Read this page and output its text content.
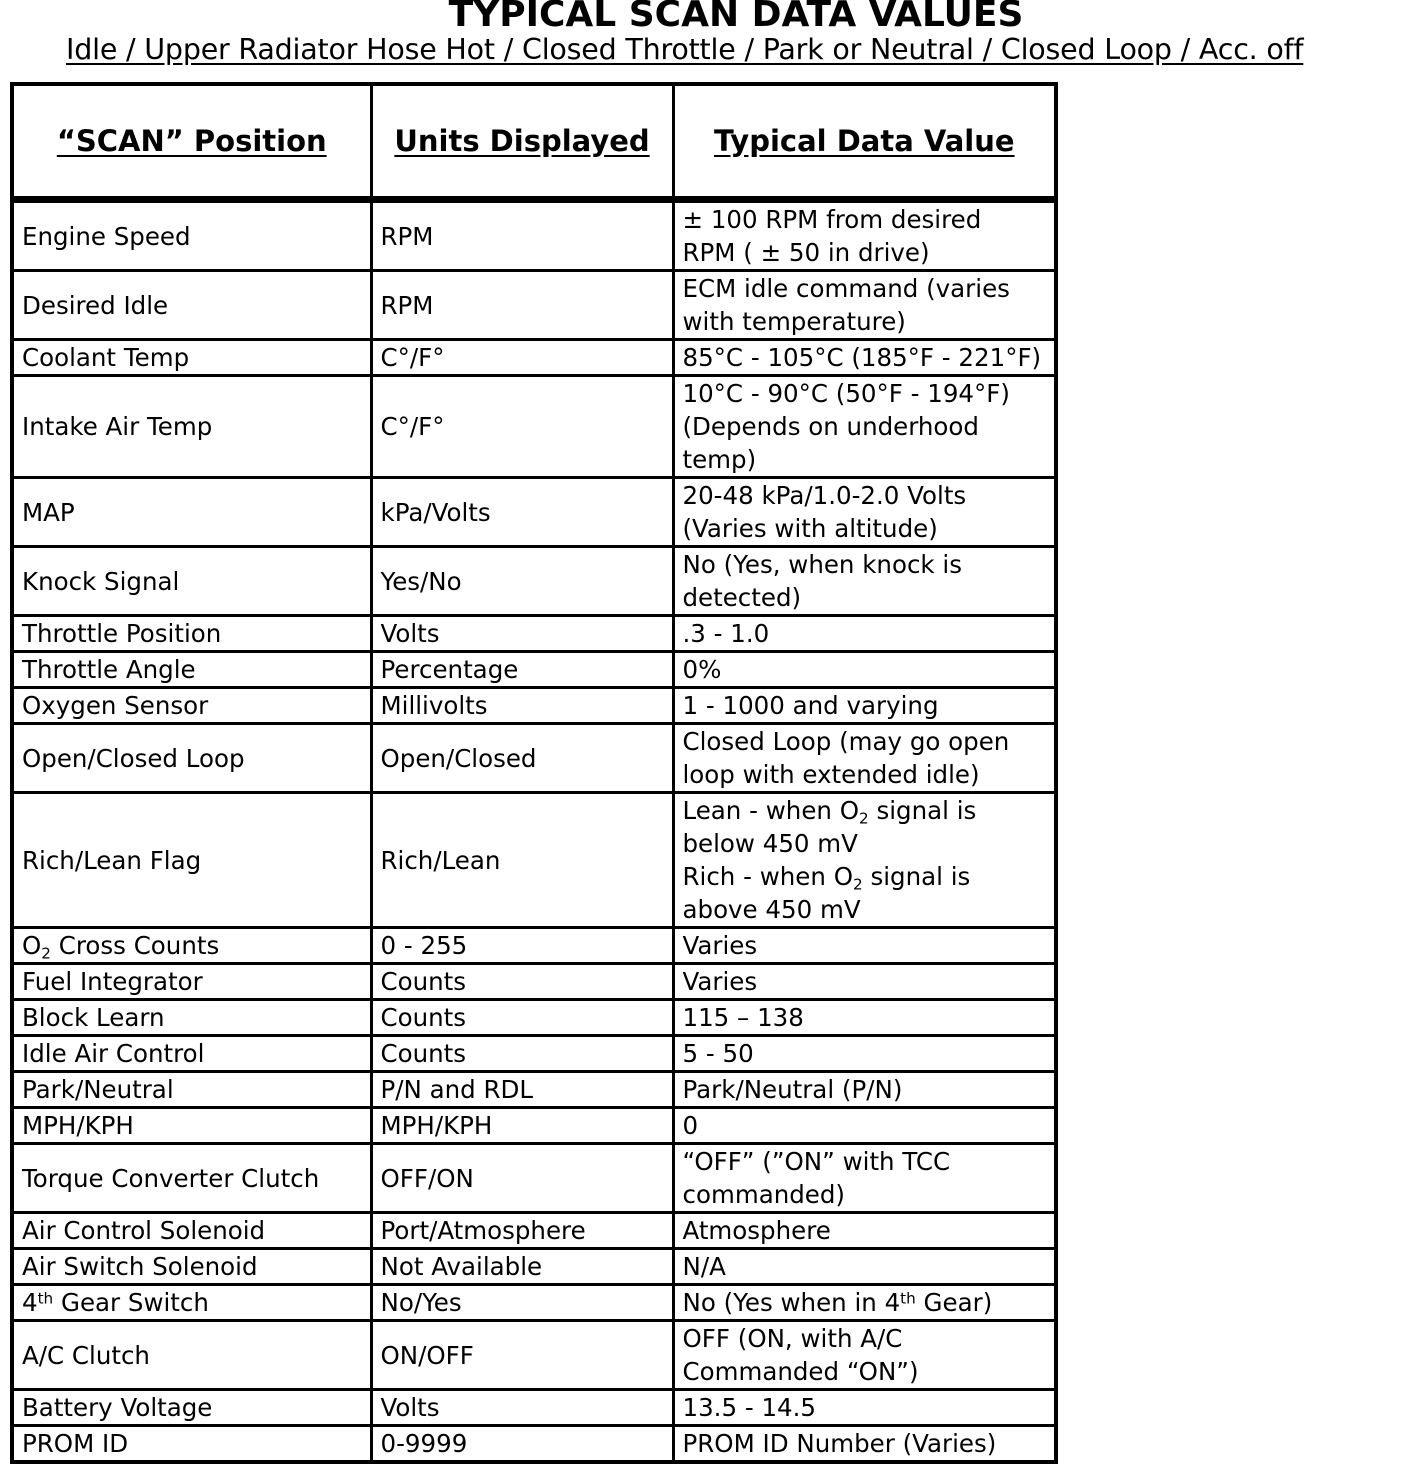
TYPICAL SCAN DATA VALUES
Idle / Upper Radiator Hose Hot / Closed Throttle / Park or Neutral / Closed Loop / Acc. off
“SCAN” Position	Units Displayed	Typical Data Value
Engine Speed	RPM	± 100 RPM from desired
RPM ( ± 50 in drive)

Desired Idle	RPM	ECM idle command (varies
with temperature)

Coolant Temp	C°/F°	85°C - 105°C (185°F - 221°F)

Intake Air Temp	C°/F°	10°C - 90°C (50°F - 194°F)
(Depends on underhood
temp)

MAP	kPa/Volts	20-48 kPa/1.0-2.0 Volts
(Varies with altitude)

Knock Signal	Yes/No	No (Yes, when knock is
detected)

Throttle Position	Volts	.3 - 1.0

Throttle Angle	Percentage	0%

Oxygen Sensor	Millivolts	1 - 1000 and varying

Open/Closed Loop	Open/Closed	Closed Loop (may go open
loop with extended idle)

Rich/Lean Flag	Rich/Lean	Lean - when $O_2$ signal is
below 450 mV
Rich - when $O_2$ signal is
above 450 mV

$O_2$ Cross Counts	0 - 255	Varies

Fuel Integrator	Counts	Varies

Block Learn	Counts	115 – 138

Idle Air Control	Counts	5 - 50

Park/Neutral	P/N and RDL	Park/Neutral (P/N)

MPH/KPH	MPH/KPH	0

Torque Converter Clutch	OFF/ON	“OFF” (”ON” with TCC
commanded)

Air Control Solenoid	Port/Atmosphere	Atmosphere

Air Switch Solenoid	Not Available	N/A

4th Gear Switch	No/Yes	No (Yes when in 4th Gear)

A/C Clutch	ON/OFF	OFF (ON, with A/C
Commanded “ON”)

Battery Voltage	Volts	13.5 - 14.5

PROM ID	0-9999	PROM ID Number (Varies)
